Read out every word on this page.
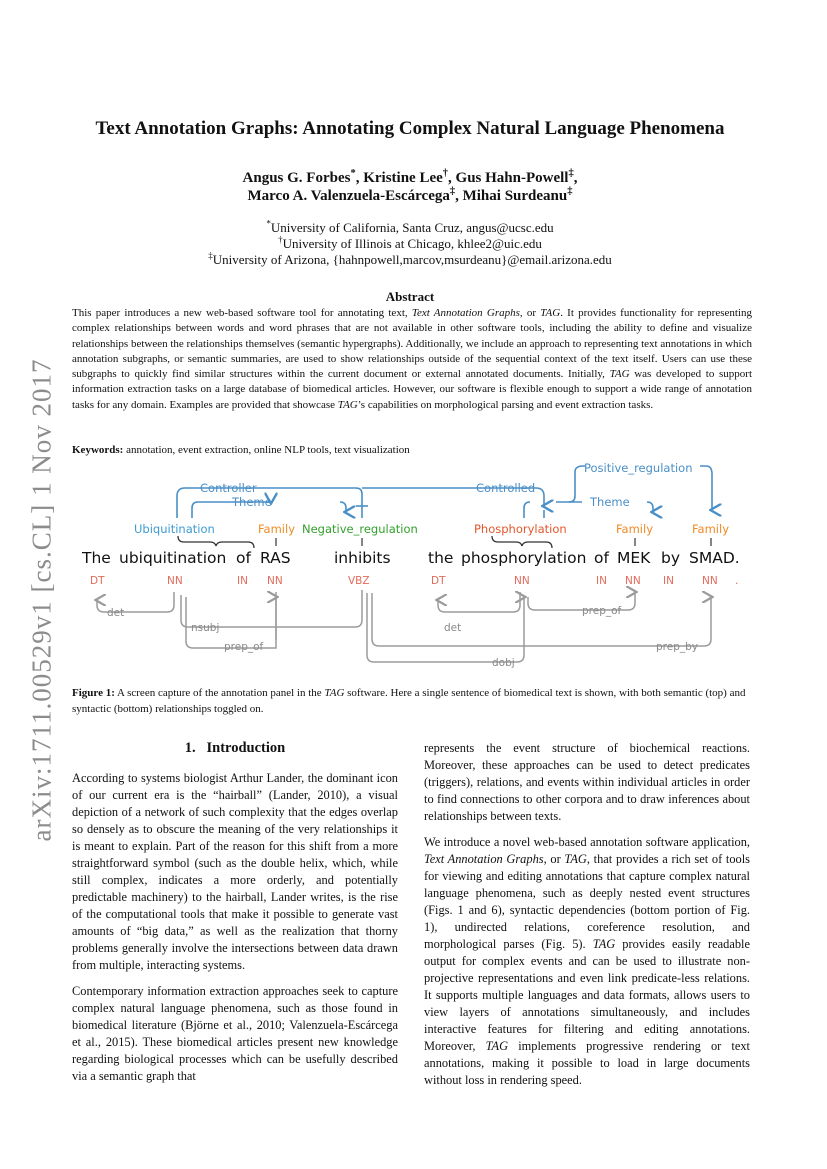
arXiv:1711.00529v1 [cs.CL] 1 Nov 2017
Text Annotation Graphs: Annotating Complex Natural Language Phenomena
Angus G. Forbes*, Kristine Lee†, Gus Hahn-Powell‡,
Marco A. Valenzuela-Escárcega‡, Mihai Surdeanu‡
*University of California, Santa Cruz, angus@ucsc.edu
†University of Illinois at Chicago, khlee2@uic.edu
‡University of Arizona, {hahnpowell,marcov,msurdeanu}@email.arizona.edu
Abstract
This paper introduces a new web-based software tool for annotating text, Text Annotation Graphs, or TAG. It provides functionality for representing complex relationships between words and word phrases that are not available in other software tools, including the ability to define and visualize relationships between the relationships themselves (semantic hypergraphs). Additionally, we include an approach to representing text annotations in which annotation subgraphs, or semantic summaries, are used to show relationships outside of the sequential context of the text itself. Users can use these subgraphs to quickly find similar structures within the current document or external annotated documents. Initially, TAG was developed to support information extraction tasks on a large database of biomedical articles. However, our software is flexible enough to support a wide range of annotation tasks for any domain. Examples are provided that showcase TAG’s capabilities on morphological parsing and event extraction tasks.
Keywords: annotation, event extraction, online NLP tools, text visualization
Controller
Theme
Controlled
Theme
Positive_regulation
Ubiquitination	Family Negative_regulation	Phosphorylation	Family	Family
The ubiquitination of RAS	inhibits the phosphorylation of MEK by SMAD.
DT	NN	IN NN	VBZ	DT	NN	IN NN IN	NN .
det
nsubj
prep_of
det
prep_of
dobj
prep_by
Figure 1: A screen capture of the annotation panel in the TAG software. Here a single sentence of biomedical text is shown, with both semantic (top) and syntactic (bottom) relationships toggled on.
1. Introduction

According to systems biologist Arthur Lander, the dominant icon of our current era is the “hairball” (Lander, 2010), a visual depiction of a network of such complexity that the edges overlap so densely as to obscure the meaning of the very relationships it is meant to explain. Part of the reason for this shift from a more straightforward symbol (such as the double helix, which, while still complex, indicates a more orderly, and potentially predictable machinery) to the hairball, Lander writes, is the rise of the computational tools that make it possible to generate vast amounts of “big data,” as well as the realization that thorny problems generally involve the intersections between data drawn from multiple, interacting systems.

Contemporary information extraction approaches seek to capture complex natural language phenomena, such as those found in biomedical literature (Björne et al., 2010; Valenzuela-Escárcega et al., 2015). These biomedical articles present new knowledge regarding biological processes which can be usefully described via a semantic graph that

represents the event structure of biochemical reactions. Moreover, these approaches can be used to detect predicates (triggers), relations, and events within individual articles in order to find connections to other corpora and to draw inferences about relationships between texts.

We introduce a novel web-based annotation software application, Text Annotation Graphs, or TAG, that provides a rich set of tools for viewing and editing annotations that capture complex natural language phenomena, such as deeply nested event structures (Figs. 1 and 6), syntactic dependencies (bottom portion of Fig. 1), undirected relations, coreference resolution, and morphological parses (Fig. 5). TAG provides easily readable output for complex events and can be used to illustrate non-projective representations and even link predicate-less relations. It supports multiple languages and data formats, allows users to view layers of annotations simultaneously, and includes interactive features for filtering and editing annotations. Moreover, TAG implements progressive rendering or text annotations, making it possible to load in large documents without loss in rendering speed.
